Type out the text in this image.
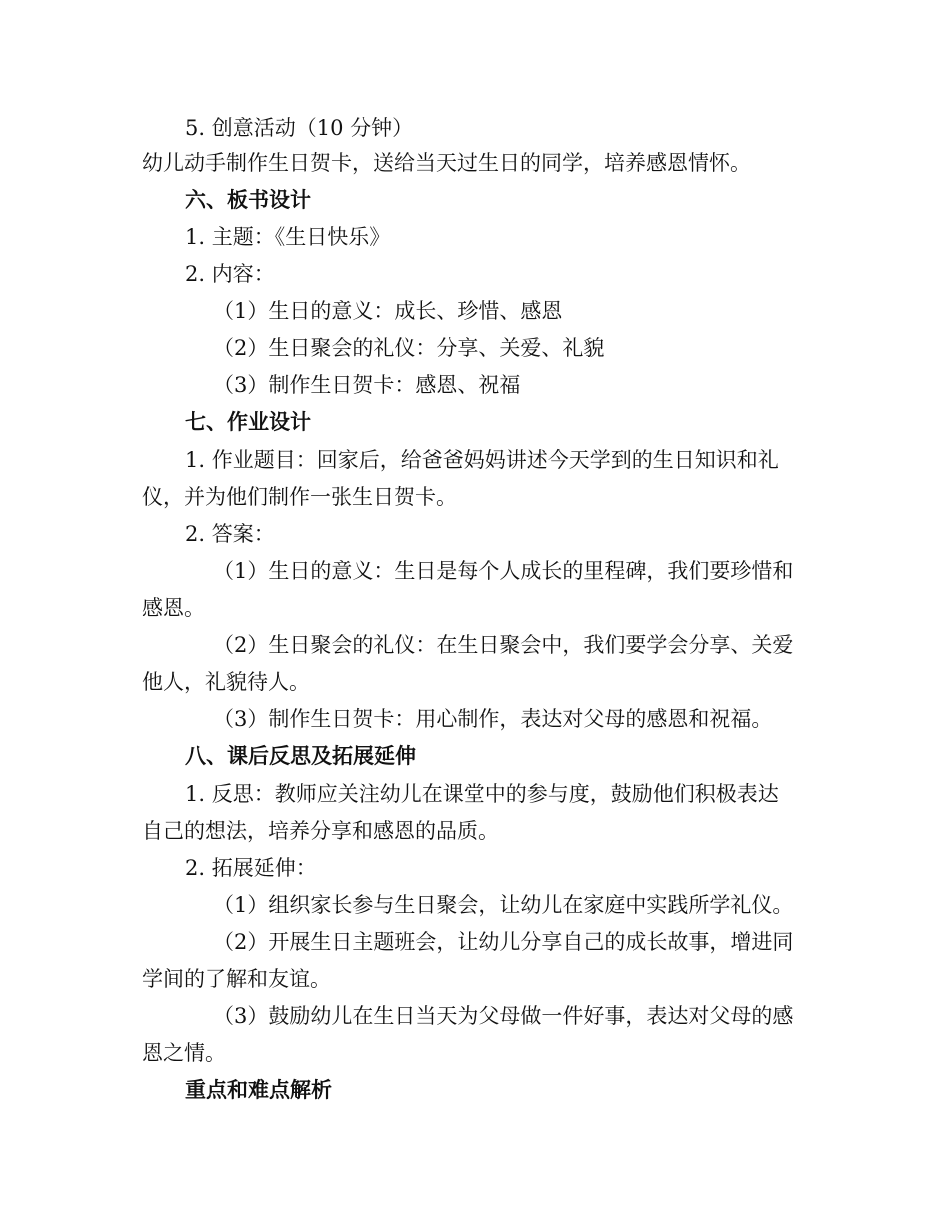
5. 创意活动（10 分钟）
幼儿动手制作生日贺卡，送给当天过生日的同学，培养感恩情怀。
六、板书设计
1. 主题：《生日快乐》
2. 内容：
（1）生日的意义：成长、珍惜、感恩
（2）生日聚会的礼仪：分享、关爱、礼貌
（3）制作生日贺卡：感恩、祝福
七、作业设计
1. 作业题目：回家后，给爸爸妈妈讲述今天学到的生日知识和礼
仪，并为他们制作一张生日贺卡。
2. 答案：
（1）生日的意义：生日是每个人成长的里程碑，我们要珍惜和
感恩。
（2）生日聚会的礼仪：在生日聚会中，我们要学会分享、关爱
他人，礼貌待人。
（3）制作生日贺卡：用心制作，表达对父母的感恩和祝福。
八、课后反思及拓展延伸
1. 反思：教师应关注幼儿在课堂中的参与度，鼓励他们积极表达
自己的想法，培养分享和感恩的品质。
2. 拓展延伸：
（1）组织家长参与生日聚会，让幼儿在家庭中实践所学礼仪。
（2）开展生日主题班会，让幼儿分享自己的成长故事，增进同
学间的了解和友谊。
（3）鼓励幼儿在生日当天为父母做一件好事，表达对父母的感
恩之情。
重点和难点解析
